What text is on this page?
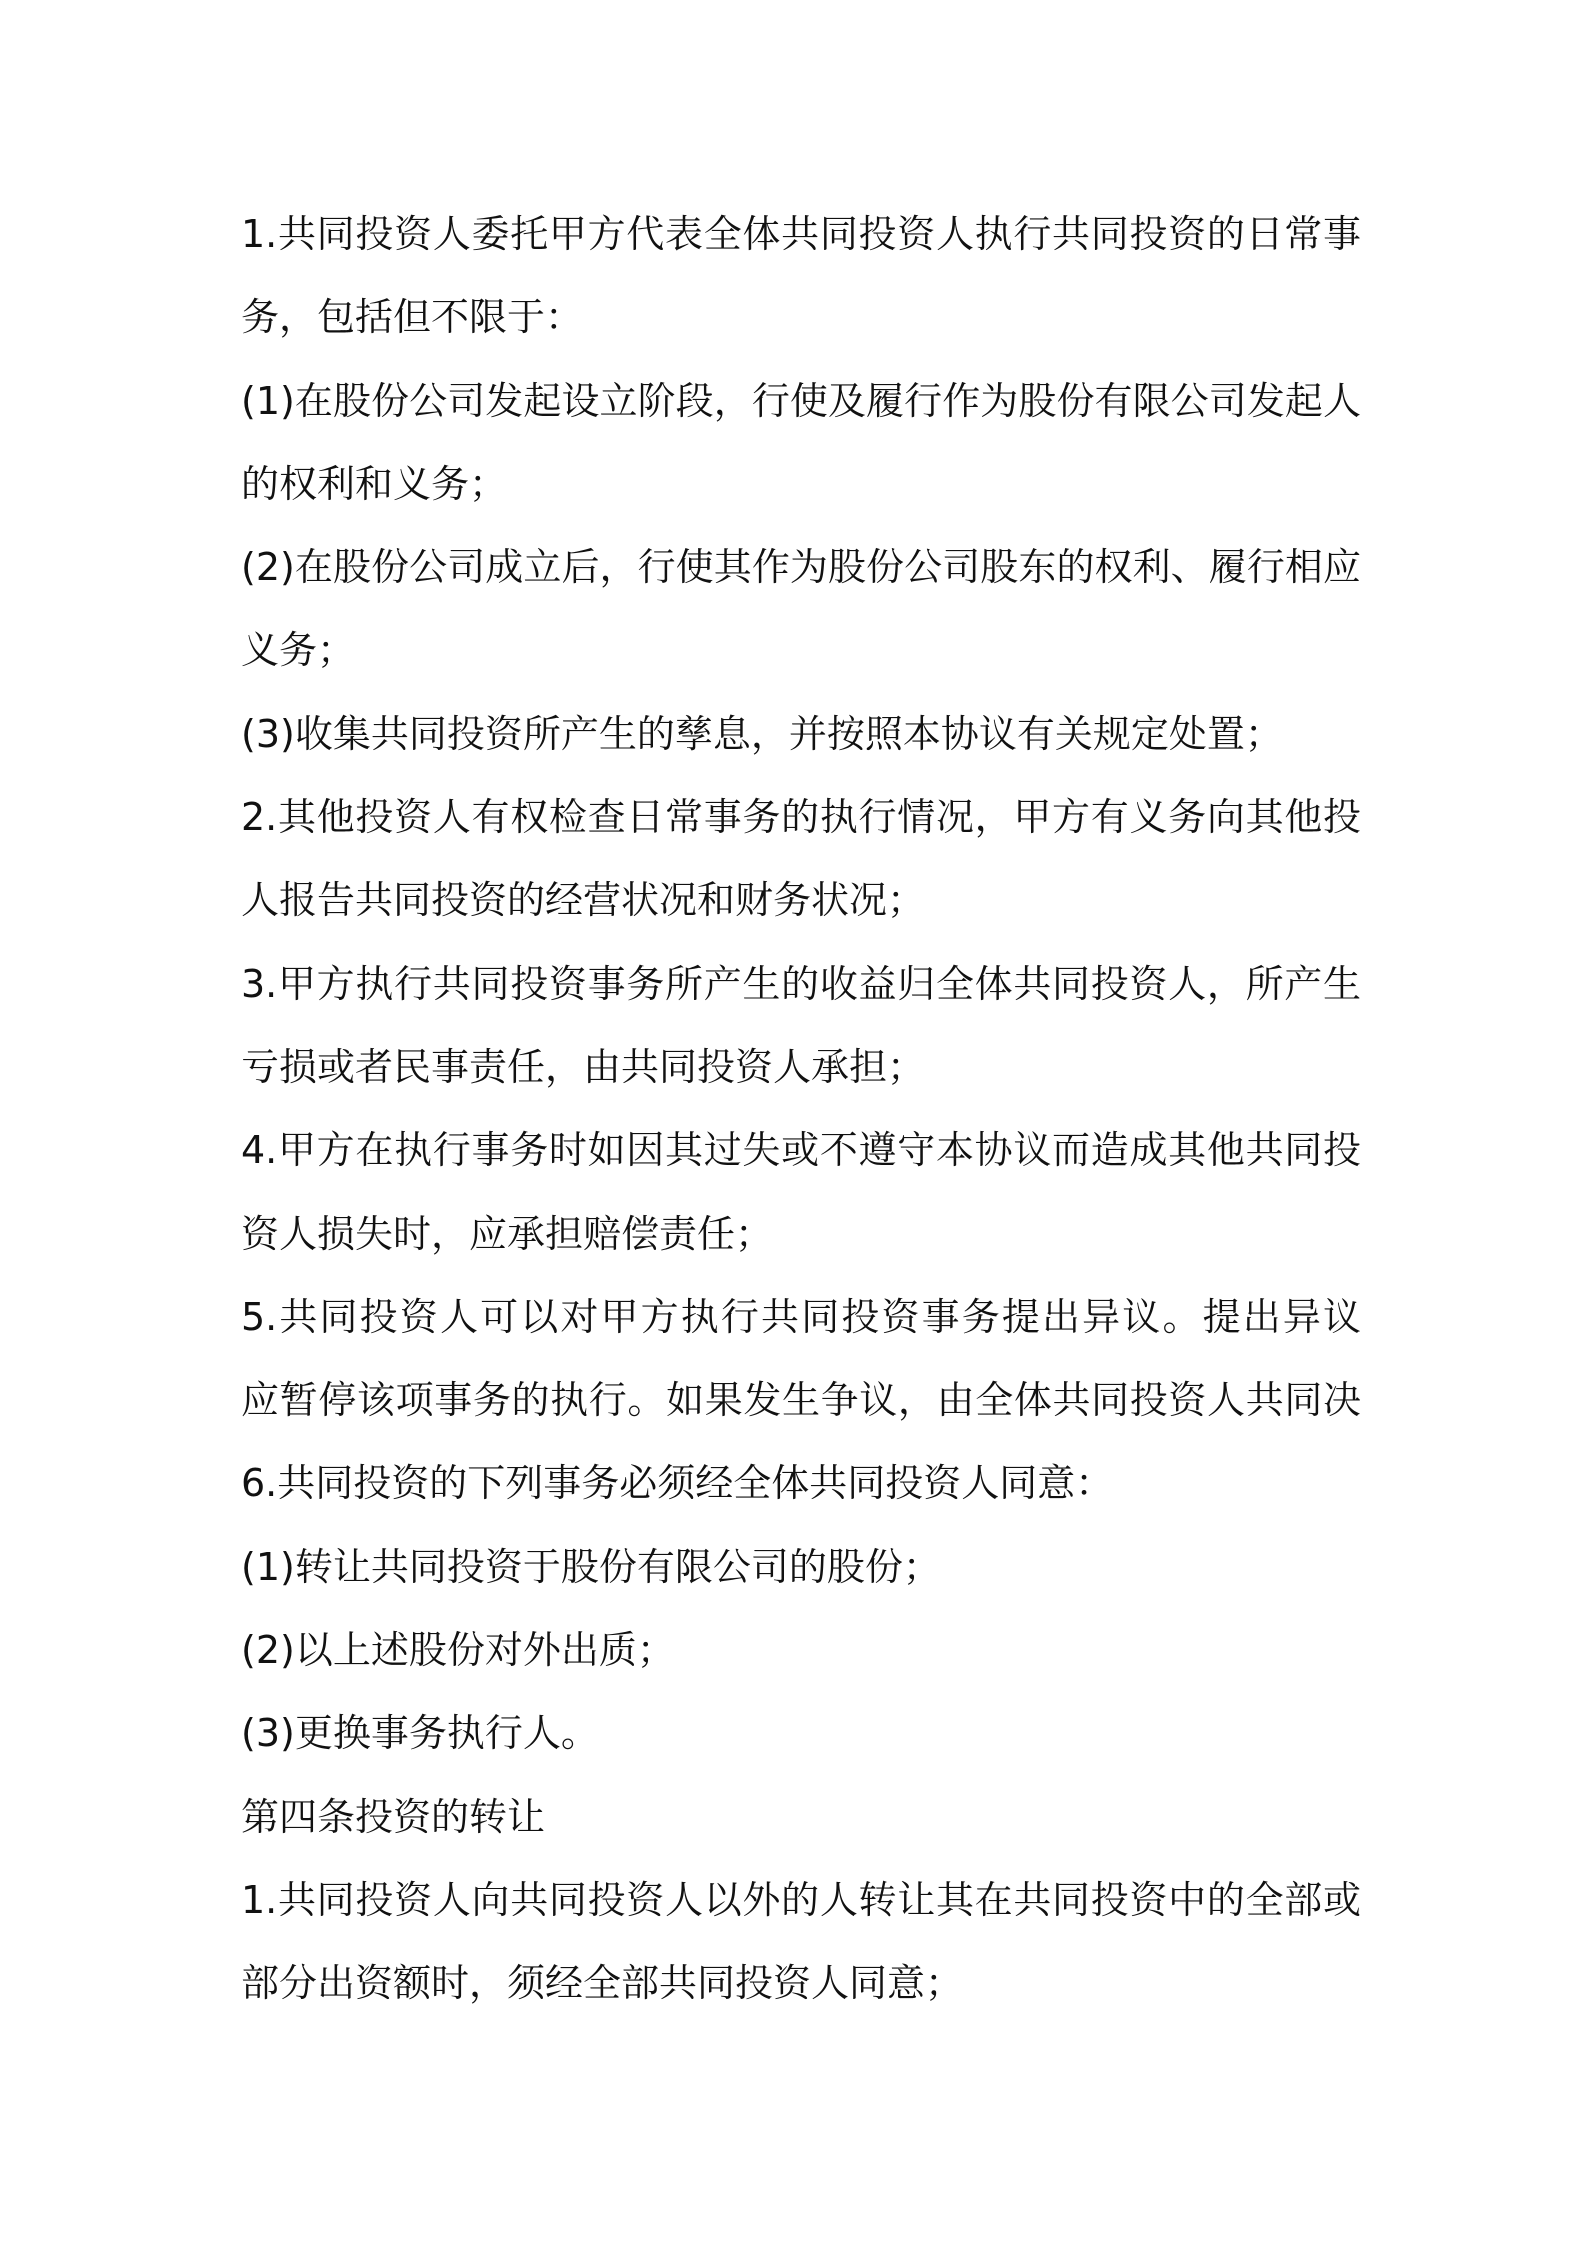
1.共同投资人委托甲方代表全体共同投资人执行共同投资的日常事
务，包括但不限于：
(1)在股份公司发起设立阶段，行使及履行作为股份有限公司发起人
的权利和义务；
(2)在股份公司成立后，行使其作为股份公司股东的权利、履行相应
义务；
(3)收集共同投资所产生的孳息，并按照本协议有关规定处置；
2.其他投资人有权检查日常事务的执行情况，甲方有义务向其他投
人报告共同投资的经营状况和财务状况；
3.甲方执行共同投资事务所产生的收益归全体共同投资人，所产生
亏损或者民事责任，由共同投资人承担；
4.甲方在执行事务时如因其过失或不遵守本协议而造成其他共同投
资人损失时，应承担赔偿责任；
5.共同投资人可以对甲方执行共同投资事务提出异议。提出异议
应暂停该项事务的执行。如果发生争议，由全体共同投资人共同决
6.共同投资的下列事务必须经全体共同投资人同意：
(1)转让共同投资于股份有限公司的股份；
(2)以上述股份对外出质；
(3)更换事务执行人。
第四条投资的转让
1.共同投资人向共同投资人以外的人转让其在共同投资中的全部或
部分出资额时，须经全部共同投资人同意；
